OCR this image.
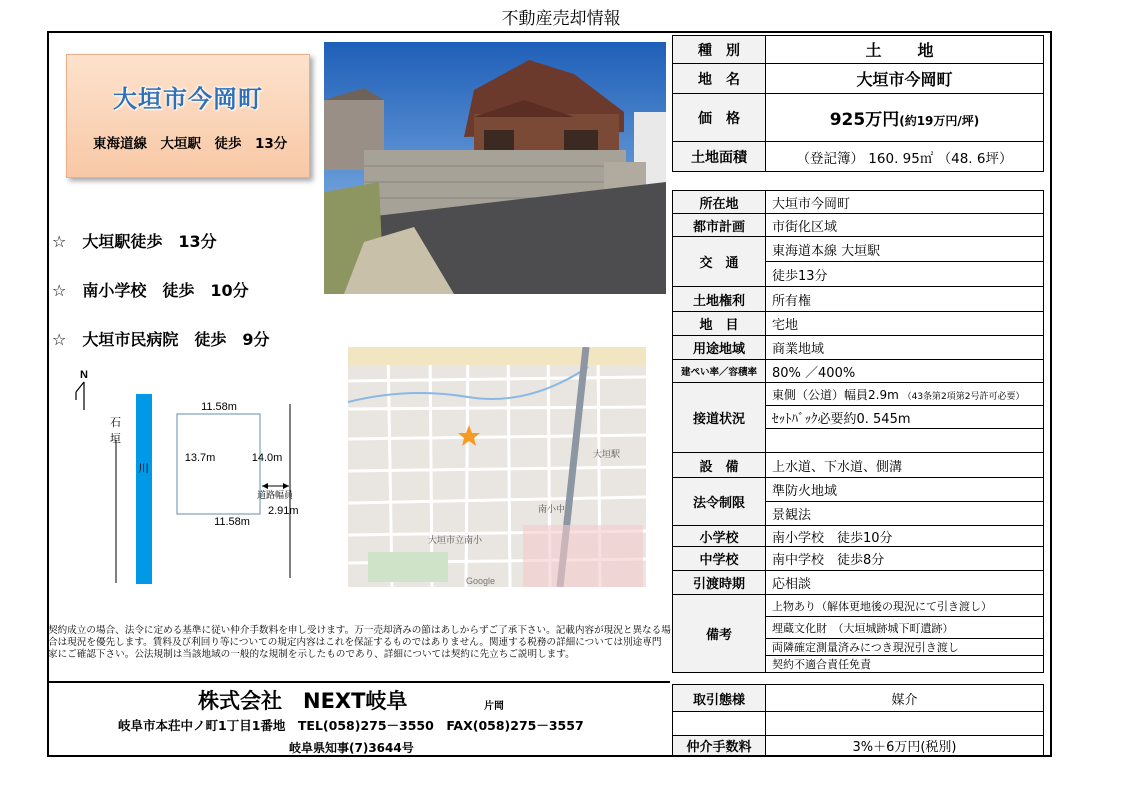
不動産売却情報
大垣市今岡町
東海道線　大垣駅　徒歩　13分
☆　大垣駅徒歩　13分
☆　南小学校　徒歩　10分
☆　大垣市民病院　徒歩　9分
N
川
石
垣
11.58m
13.7m	14.0m
11.58m
道路幅員
2.91m
大垣駅
南小中
大垣市立南小
Google
契約成立の場合、法令に定める基準に従い仲介手数料を申し受けます。万一売却済みの節はあしからずご了承下さい。記載内容が現況と異なる場合は現況を優先します。賃料及び利回り等についての規定内容はこれを保証するものではありません。関連する税務の詳細については別途専門家にご確認下さい。公法規制は当該地域の一般的な規制を示したものであり、詳細については契約に先立ちご説明します。
株式会社　NEXT岐阜	片岡
岐阜市本荘中ノ町1丁目1番地　TEL(058)275－3550　FAX(058)275－3557
岐阜県知事(7)3644号
種　別	土　地
地　名	大垣市今岡町
価　格	925万円(約19万円/坪)
土地面積	（登記簿） 160. 95㎡ （48. 6坪）
所在地	大垣市今岡町
都市計画	市街化区域
交　通	東海道本線 大垣駅
	徒歩13分
土地権利	所有権
地　目	宅地
用途地域	商業地域
建ぺい率／容積率	80% ／400%
接道状況	東側（公道）幅員2.9m （43条第2項第2号許可必要）
	ｾｯﾄﾊﾞｯｸ必要約0. 545m

設　備	上水道、下水道、側溝
法令制限	準防火地域
	景観法
小学校	南小学校　徒歩10分
中学校	南中学校　徒歩8分
引渡時期	応相談
備考	上物あり（解体更地後の現況にて引き渡し）
	埋蔵文化財　（大垣城跡城下町遺跡）
	両隣確定測量済みにつき現況引き渡し
	契約不適合責任免責
取引態様	媒介

仲介手数料	3%＋6万円(税別)
